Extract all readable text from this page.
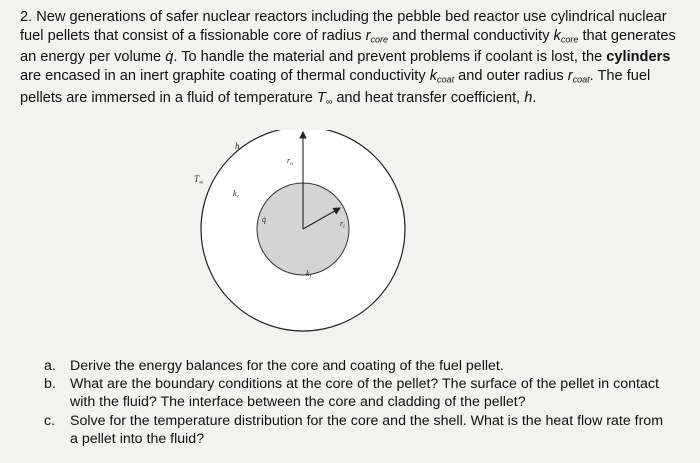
2. New generations of safer nuclear reactors including the pebble bed reactor use cylindrical nuclear fuel pellets that consist of a fissionable core of radius $r_{core}$ and thermal conductivity $k_{core}$ that generates an energy per volume q̇. To handle the material and prevent problems if coolant is lost, the cylinders are encased in an inert graphite coating of thermal conductivity $k_{coat}$ and outer radius $r_{coat}$. The fuel pellets are immersed in a fluid of temperature $T_\infty$ and heat transfer coefficient, h.
h
$r_o$
$T_\infty$
$k_c$
q̇	$r_i$
$k_f$
a. Derive the energy balances for the core and coating of the fuel pellet.
b. What are the boundary conditions at the core of the pellet? The surface of the pellet in contact with the fluid? The interface between the core and cladding of the pellet?
c. Solve for the temperature distribution for the core and the shell. What is the heat flow rate from a pellet into the fluid?
